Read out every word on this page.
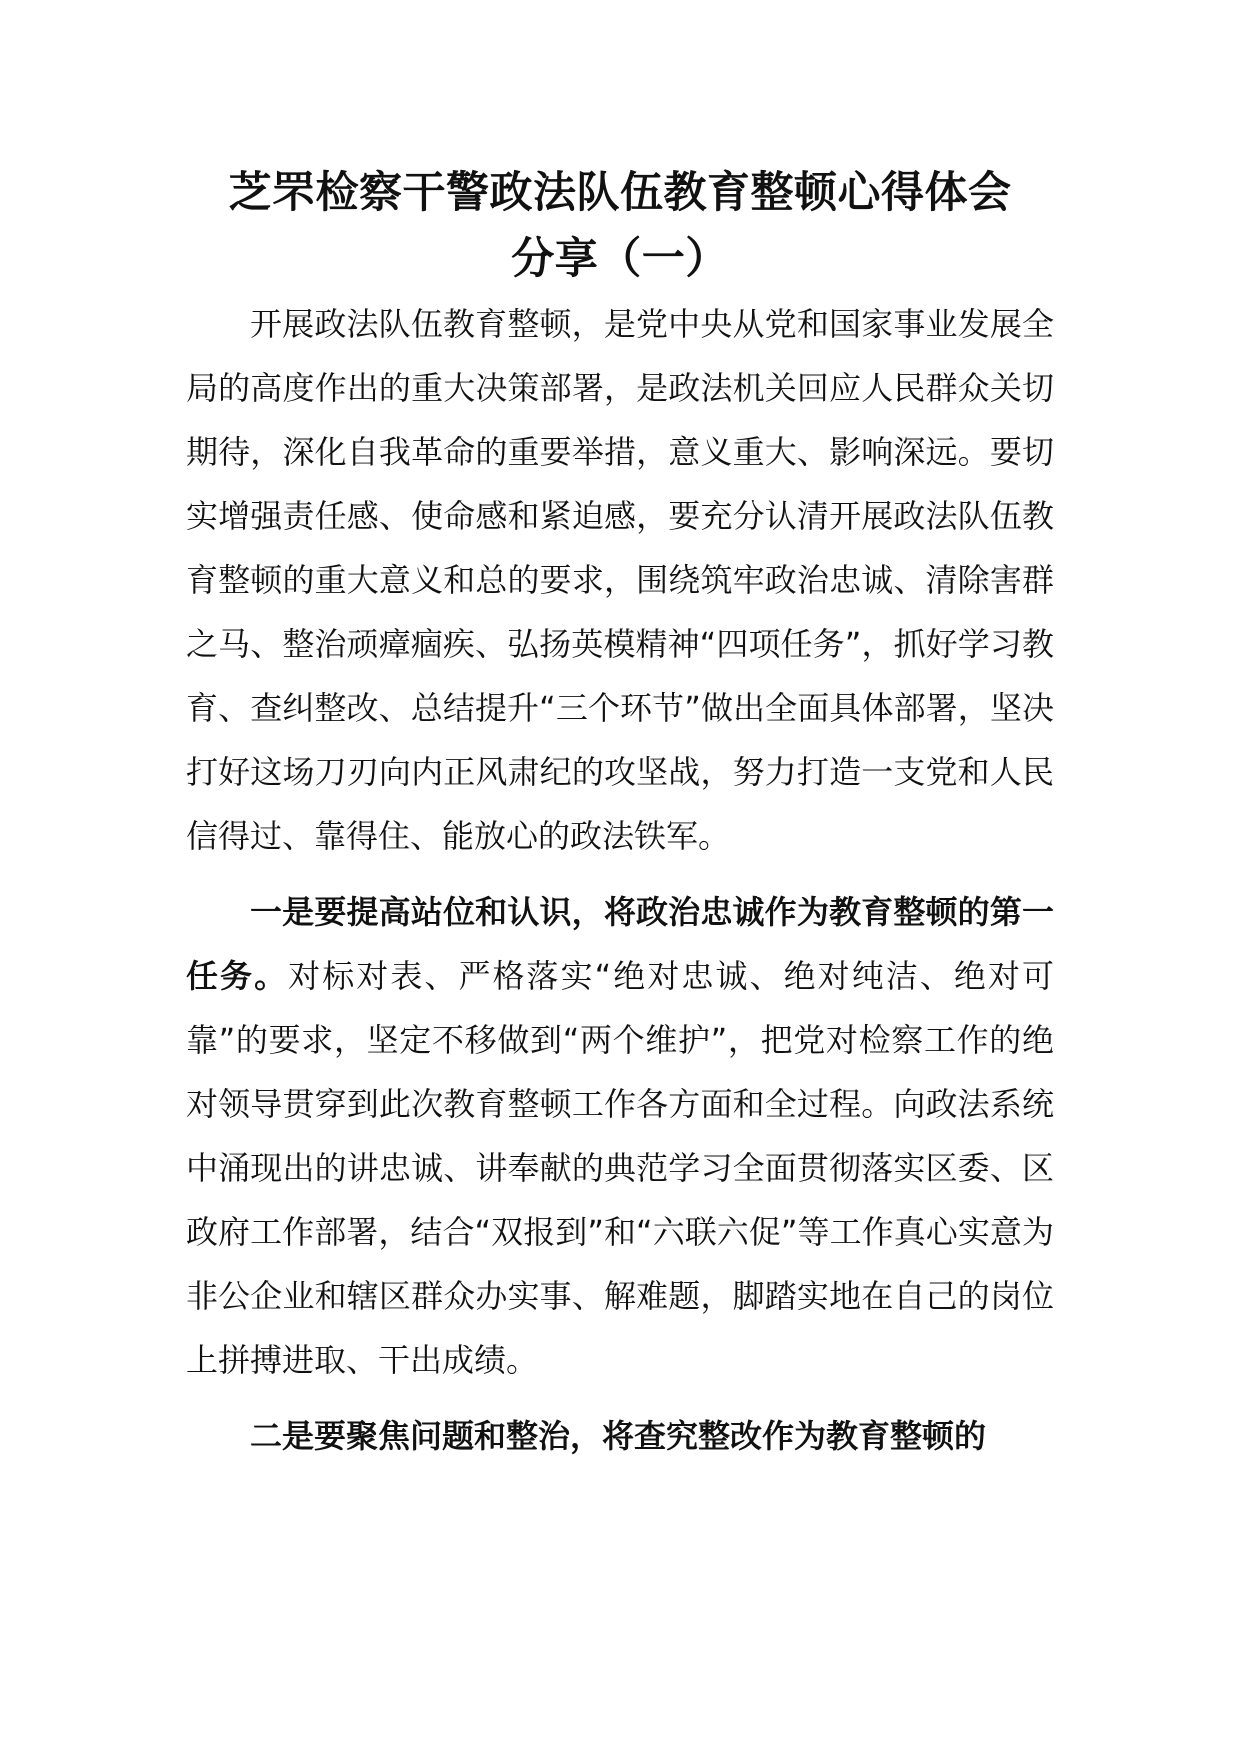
芝罘检察干警政法队伍教育整顿心得体会
分享（一）

开展政法队伍教育整顿，是党中央从党和国家事业发展全局的高度作出的重大决策部署，是政法机关回应人民群众关切期待，深化自我革命的重要举措，意义重大、影响深远。要切实增强责任感、使命感和紧迫感，要充分认清开展政法队伍教育整顿的重大意义和总的要求，围绕筑牢政治忠诚、清除害群之马、整治顽瘴痼疾、弘扬英模精神“四项任务”，抓好学习教育、查纠整改、总结提升“三个环节”做出全面具体部署，坚决打好这场刀刃向内正风肃纪的攻坚战，努力打造一支党和人民信得过、靠得住、能放心的政法铁军。

一是要提高站位和认识，将政治忠诚作为教育整顿的第一任务。对标对表、严格落实“绝对忠诚、绝对纯洁、绝对可靠”的要求，坚定不移做到“两个维护”，把党对检察工作的绝对领导贯穿到此次教育整顿工作各方面和全过程。向政法系统中涌现出的讲忠诚、讲奉献的典范学习全面贯彻落实区委、区政府工作部署，结合“双报到”和“六联六促”等工作真心实意为非公企业和辖区群众办实事、解难题，脚踏实地在自己的岗位上拼搏进取、干出成绩。

二是要聚焦问题和整治，将查究整改作为教育整顿的
